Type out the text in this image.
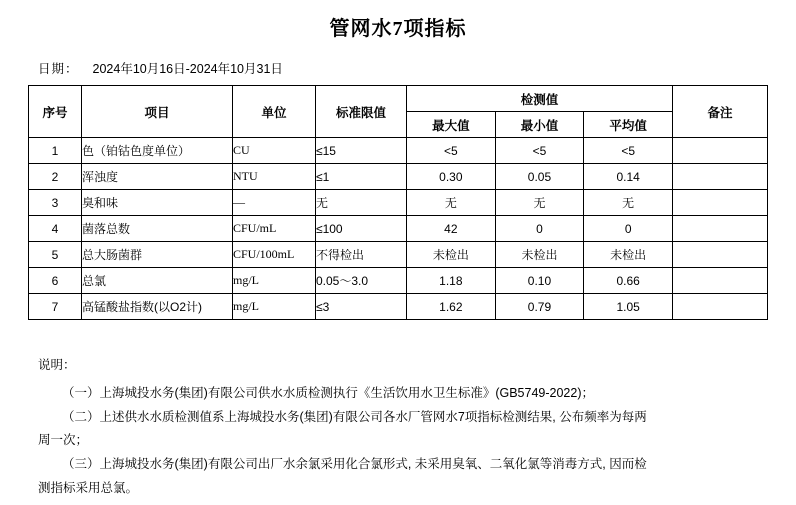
管网水7项指标
日期： 2024年10月16日-2024年10月31日
序号	项目	单位	标准限值	检测值			备注
				最大值	最小值	平均值	
1	色（铂钴色度单位）	CU	≤15	<5	<5	<5	
2	浑浊度	NTU	≤1	0.30	0.05	0.14	
3	臭和味	—	无	无	无	无	
4	菌落总数	CFU/mL	≤100	42	0	0	
5	总大肠菌群	CFU/100mL	不得检出	未检出	未检出	未检出	
6	总氯	mg/L	0.05～3.0	1.18	0.10	0.66	
7	高锰酸盐指数(以O2计)	mg/L	≤3	1.62	0.79	1.05	

说明：

（一）上海城投水务(集团)有限公司供水水质检测执行《生活饮用水卫生标准》(GB5749-2022)；

（二）上述供水水质检测值系上海城投水务(集团)有限公司各水厂管网水7项指标检测结果, 公布频率为每两

周一次；

（三）上海城投水务(集团)有限公司出厂水余氯采用化合氯形式, 未采用臭氧、二氧化氯等消毒方式, 因而检

测指标采用总氯。
